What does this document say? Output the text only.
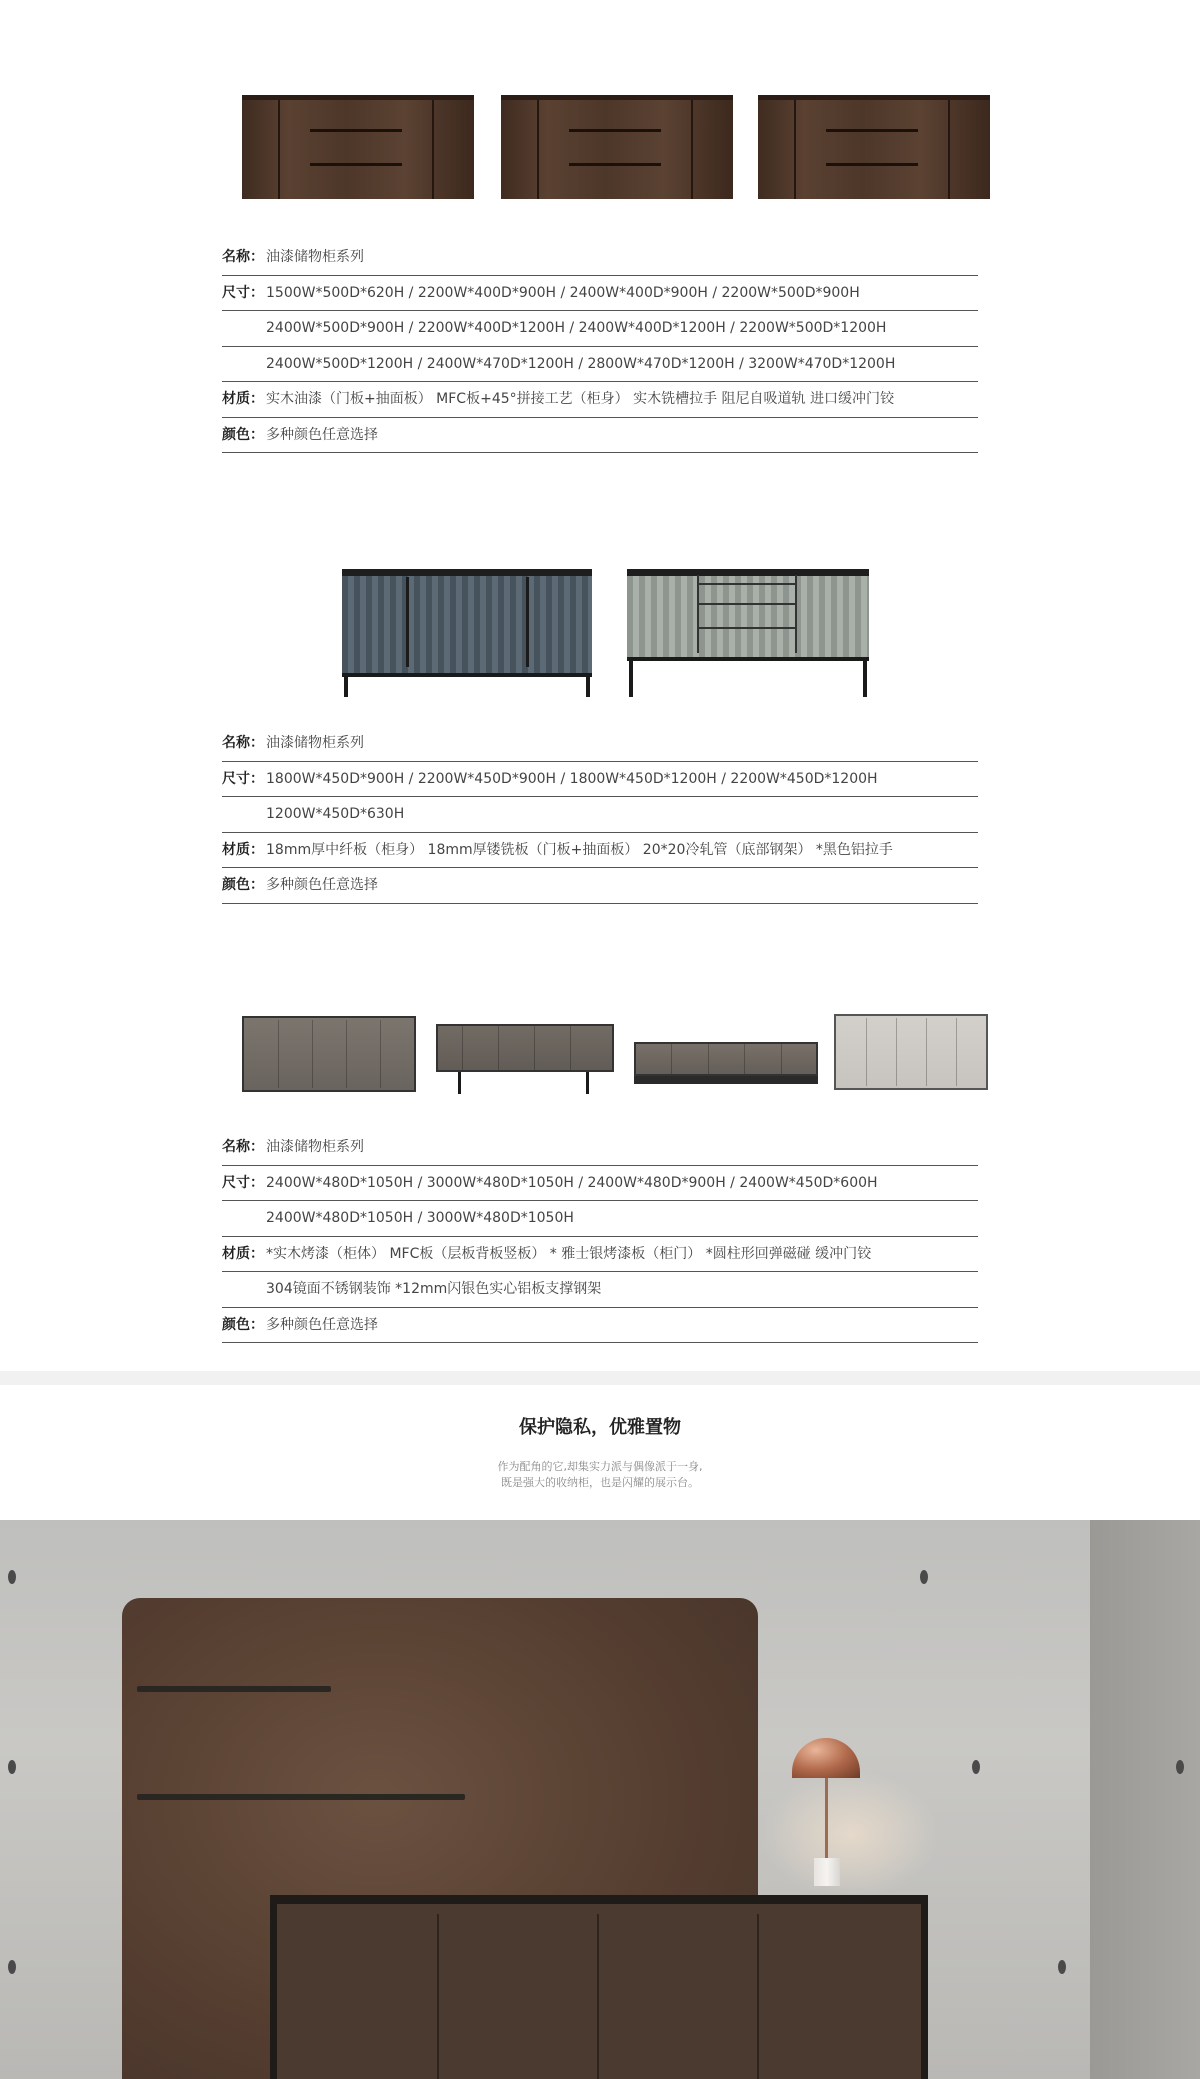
名称： 油漆储物柜系列
尺寸： 1500W*500D*620H / 2200W*400D*900H / 2400W*400D*900H / 2200W*500D*900H
2400W*500D*900H / 2200W*400D*1200H / 2400W*400D*1200H / 2200W*500D*1200H
2400W*500D*1200H / 2400W*470D*1200H / 2800W*470D*1200H / 3200W*470D*1200H
材质： 实木油漆（门板+抽面板） MFC板+45°拼接工艺（柜身） 实木铣槽拉手 阻尼自吸道轨 进口缓冲门铰
颜色： 多种颜色任意选择
名称： 油漆储物柜系列
尺寸： 1800W*450D*900H / 2200W*450D*900H / 1800W*450D*1200H / 2200W*450D*1200H
1200W*450D*630H
材质： 18mm厚中纤板（柜身） 18mm厚镂铣板（门板+抽面板） 20*20冷轧管（底部钢架） *黑色铝拉手
颜色： 多种颜色任意选择
名称： 油漆储物柜系列
尺寸： 2400W*480D*1050H / 3000W*480D*1050H / 2400W*480D*900H / 2400W*450D*600H
2400W*480D*1050H / 3000W*480D*1050H
材质： *实木烤漆（柜体） MFC板（层板背板竖板） * 雅士银烤漆板（柜门） *圆柱形回弹磁碰 缓冲门铰
304镜面不锈钢装饰 *12mm闪银色实心铝板支撑钢架
颜色： 多种颜色任意选择
保护隐私，优雅置物
作为配角的它,却集实力派与偶像派于一身,
既是强大的收纳柜，也是闪耀的展示台。
